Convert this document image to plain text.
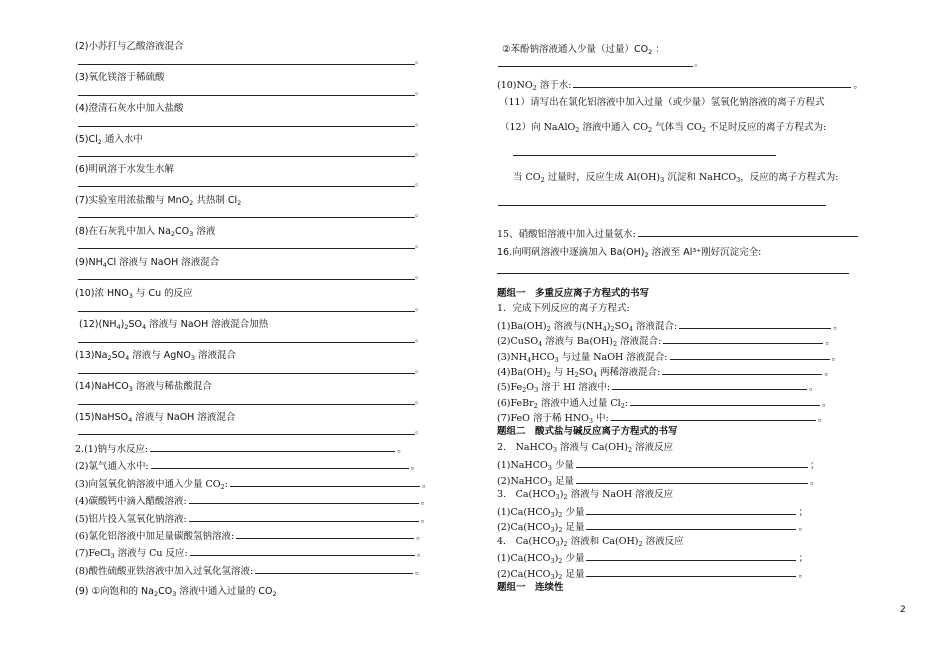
(2)小苏打与乙酸溶液混合
。
(3)氧化镁溶于稀硫酸
。
(4)澄清石灰水中加入盐酸
。
$(5)Cl_2$ 通入水中
。
(6)明矾溶于水发生水解
。
(7)实验室用浓盐酸与 MnO$_2$ 共热制 $Cl_2$
。
(8)在石灰乳中加入 $Na_2CO_3$ 溶液
。
$(9)NH_4Cl$ 溶液与 NaOH 溶液混合
。
(10)浓 $HNO_3$ 与 Cu 的反应
。
$(12)(NH_4)_2SO_4$ 溶液与 NaOH 溶液混合加热
。
$(13)Na_2SO_4$ 溶液与 AgNO$_3$ 溶液混合
。
(14)NaHCO$_3$ 溶液与稀盐酸混合
。
(15)NaHSO$_4$ 溶液与 NaOH 溶液混合
。
2.(1)钠与水反应:	。
(2)氯气通入水中:	。
(3)向氢氧化钠溶液中通入少量 $CO_2$:	。
(4)碳酸钙中滴入醋酸溶液:	。
(5)铝片投入氢氧化钠溶液:	。
(6)氯化铝溶液中加足量碳酸氢钠溶液:	。
(7)FeCl$_3$ 溶液与 Cu 反应:	。
(8)酸性硫酸亚铁溶液中加入过氧化氢溶液:	。
(9) ①向饱和的 $Na_2CO_3$ 溶液中通入过量的 $CO_2$
②苯酚钠溶液通入少量（过量）$CO_2$ ：
。
$(10)NO_2$ 溶于水:	。
（11）请写出在氯化铝溶液中加入过量（或少量）氢氧化钠溶液的离子方程式
（12）向 NaAlO$_2$ 溶液中通入 $CO_2$ 气体当 $CO_2$ 不足时反应的离子方程式为:
当 $CO_2$ 过量时，反应生成 $Al(OH)_3$ 沉淀和 NaHCO$_3$，反应的离子方程式为:
15、硝酸铝溶液中加入过量氨水:
16.向明矾溶液中逐滴加入 $Ba(OH)_2$ 溶液至 Al³⁺刚好沉淀完全:
题组一　多重反应离子方程式的书写
1．完成下列反应的离子方程式:
$(1)Ba(OH)_2$ 溶液与$(NH_4)_2SO_4$ 溶液混合:	。
(2)CuSO$_4$ 溶液与 $Ba(OH)_2$ 溶液混合:	。
$(3)NH_4HCO_3$ 与过量 NaOH 溶液混合:	。
$(4)Ba(OH)_2$ 与 $H_2SO_4$ 两稀溶液混合:	。
$(5)Fe_2O_3$ 溶于 HI 溶液中:	。
(6)FeBr$_2$ 溶液中通入过量 $Cl_2$:	。
(7)FeO 溶于稀 $HNO_3$ 中:	。
题组二　酸式盐与碱反应离子方程式的书写
2.　NaHCO$_3$ 溶液与 $Ca(OH)_2$ 溶液反应
(1)NaHCO$_3$ 少量	；
(2)NaHCO$_3$ 足量	。
3.　$Ca(HCO_3)_2$ 溶液与 NaOH 溶液反应
$(1)Ca(HCO_3)_2$ 少量	；
$(2)Ca(HCO_3)_2$ 足量	。
4.　$Ca(HCO_3)_2$ 溶液和 $Ca(OH)_2$ 溶液反应
$(1)Ca(HCO_3)_2$ 少量	；
$(2)Ca(HCO_3)_2$ 足量	。
题组一　连续性
2
